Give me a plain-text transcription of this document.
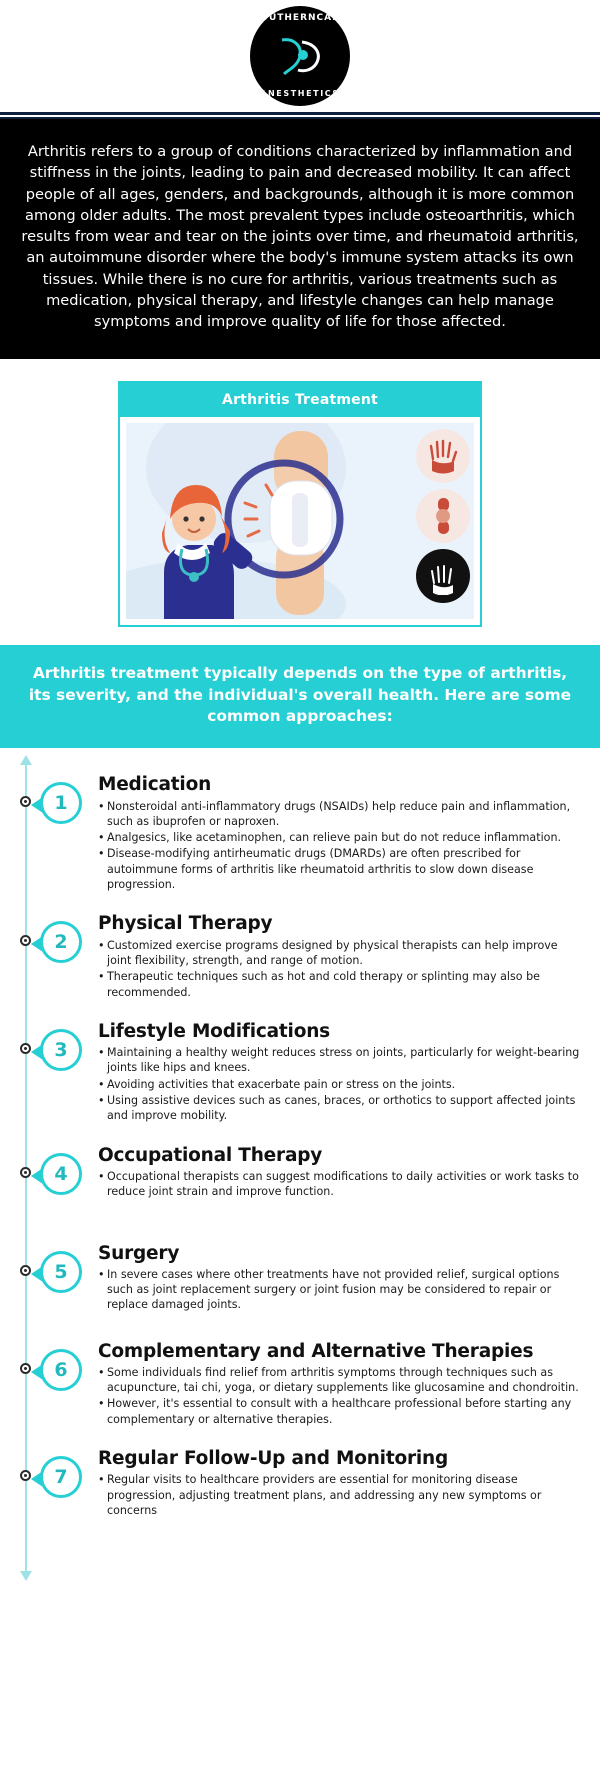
SOUTHERNCARE
ANESTHETICS
Arthritis refers to a group of conditions characterized by inflammation and stiffness in the joints, leading to pain and decreased mobility. It can affect people of all ages, genders, and backgrounds, although it is more common among older adults. The most prevalent types include osteoarthritis, which results from wear and tear on the joints over time, and rheumatoid arthritis, an autoimmune disorder where the body's immune system attacks its own tissues. While there is no cure for arthritis, various treatments such as medication, physical therapy, and lifestyle changes can help manage symptoms and improve quality of life for those affected.
Arthritis Treatment
Arthritis treatment typically depends on the type of arthritis, its severity, and the individual's overall health. Here are some common approaches:
1
Medication
• Nonsteroidal anti-inflammatory drugs (NSAIDs) help reduce pain and inflammation, such as ibuprofen or naproxen.
• Analgesics, like acetaminophen, can relieve pain but do not reduce inflammation.
• Disease-modifying antirheumatic drugs (DMARDs) are often prescribed for autoimmune forms of arthritis like rheumatoid arthritis to slow down disease progression.
2
Physical Therapy
• Customized exercise programs designed by physical therapists can help improve joint flexibility, strength, and range of motion.
• Therapeutic techniques such as hot and cold therapy or splinting may also be recommended.
3
Lifestyle Modifications
• Maintaining a healthy weight reduces stress on joints, particularly for weight-bearing joints like hips and knees.
• Avoiding activities that exacerbate pain or stress on the joints.
• Using assistive devices such as canes, braces, or orthotics to support affected joints and improve mobility.
4
Occupational Therapy
• Occupational therapists can suggest modifications to daily activities or work tasks to reduce joint strain and improve function.
5
Surgery
• In severe cases where other treatments have not provided relief, surgical options such as joint replacement surgery or joint fusion may be considered to repair or replace damaged joints.
6
Complementary and Alternative Therapies
• Some individuals find relief from arthritis symptoms through techniques such as acupuncture, tai chi, yoga, or dietary supplements like glucosamine and chondroitin.
• However, it's essential to consult with a healthcare professional before starting any complementary or alternative therapies.
7
Regular Follow-Up and Monitoring
• Regular visits to healthcare providers are essential for monitoring disease progression, adjusting treatment plans, and addressing any new symptoms or concerns
